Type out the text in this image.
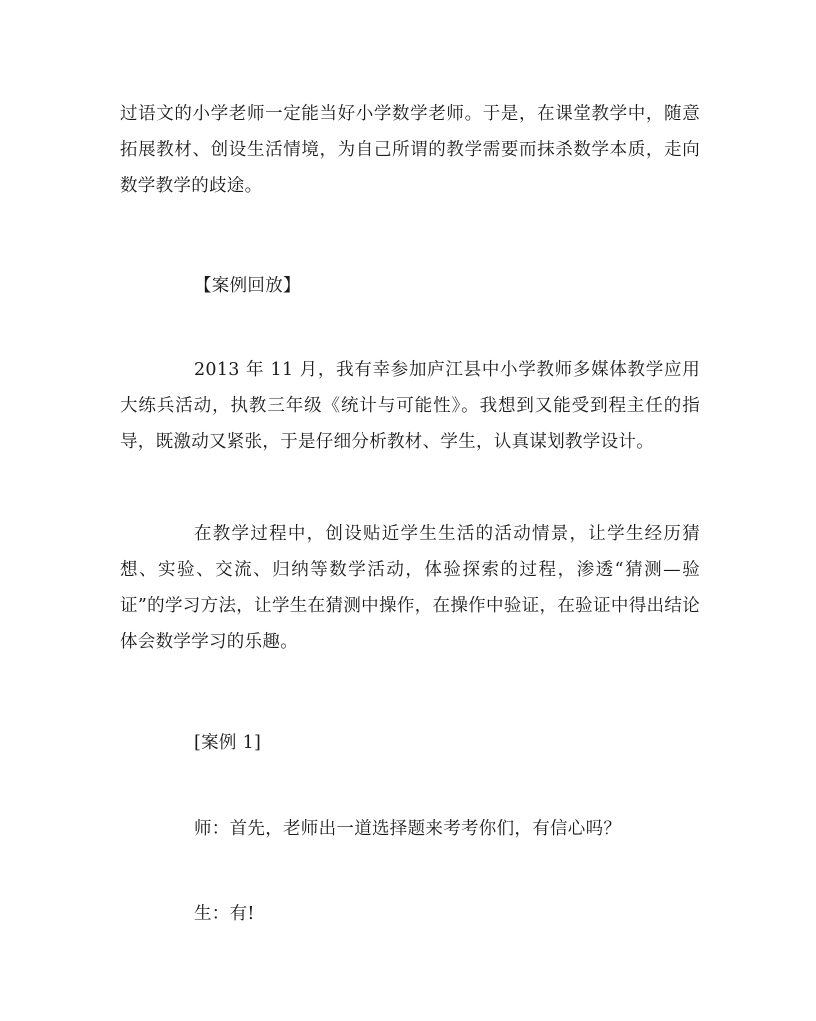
过语文的小学老师一定能当好小学数学老师。于是，在课堂教学中，随意拓展教材、创设生活情境，为自己所谓的教学需要而抹杀数学本质，走向数学教学的歧途。

【案例回放】

2013 年 11 月，我有幸参加庐江县中小学教师多媒体教学应用大练兵活动，执教三年级《统计与可能性》。我想到又能受到程主任的指导，既激动又紧张，于是仔细分析教材、学生，认真谋划教学设计。

在教学过程中，创设贴近学生生活的活动情景，让学生经历猜想、实验、交流、归纳等数学活动，体验探索的过程，渗透“猜测—验证”的学习方法，让学生在猜测中操作，在操作中验证，在验证中得出结论体会数学学习的乐趣。

[案例 1]

师：首先，老师出一道选择题来考考你们，有信心吗？

生：有!
